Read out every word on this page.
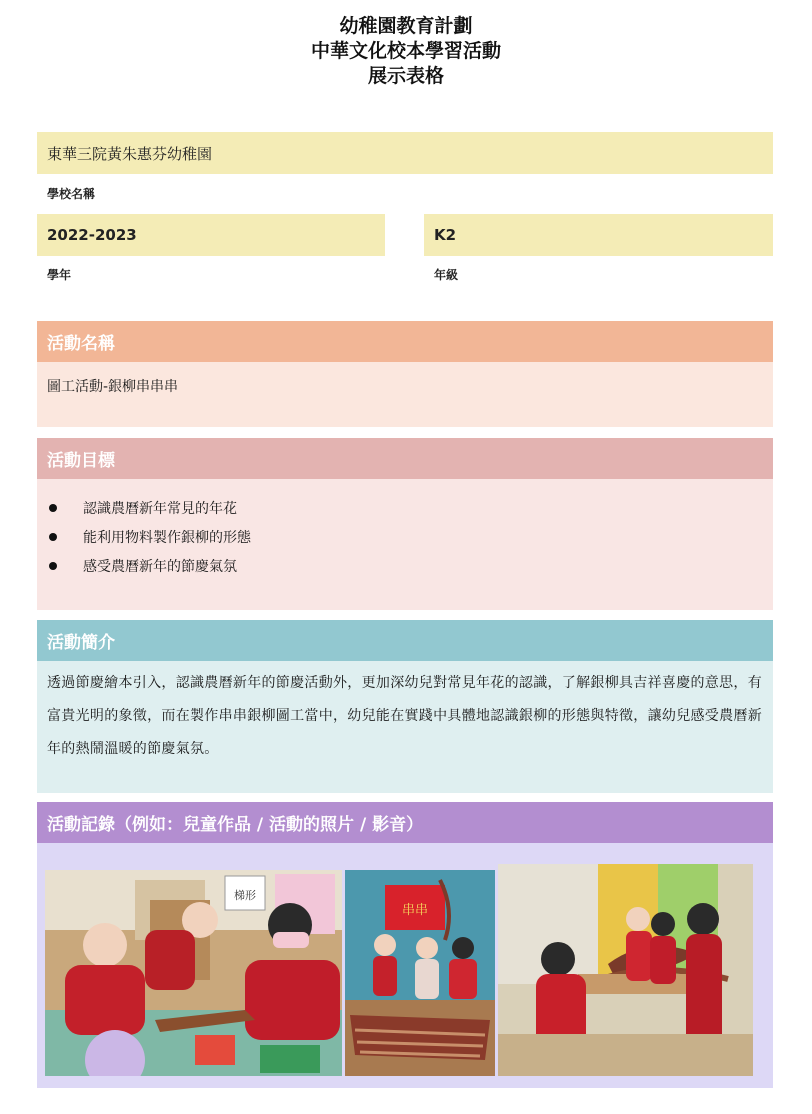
幼稚園教育計劃
中華文化校本學習活動
展示表格
東華三院黃朱惠芬幼稚園
學校名稱
2022-2023
學年
K2
年級
活動名稱
圖工活動-銀柳串串串
活動目標
認識農曆新年常見的年花
能利用物料製作銀柳的形態
感受農曆新年的節慶氣氛
活動簡介
透過節慶繪本引入，認識農曆新年的節慶活動外，更加深幼兒對常見年花的認識，了解銀柳具吉祥喜慶的意思，有富貴光明的象徵，而在製作串串銀柳圖工當中，幼兒能在實踐中具體地認識銀柳的形態與特徵，讓幼兒感受農曆新年的熱鬧溫暖的節慶氣氛。
活動記錄（例如：兒童作品 / 活動的照片 / 影音）
梯形
串串
